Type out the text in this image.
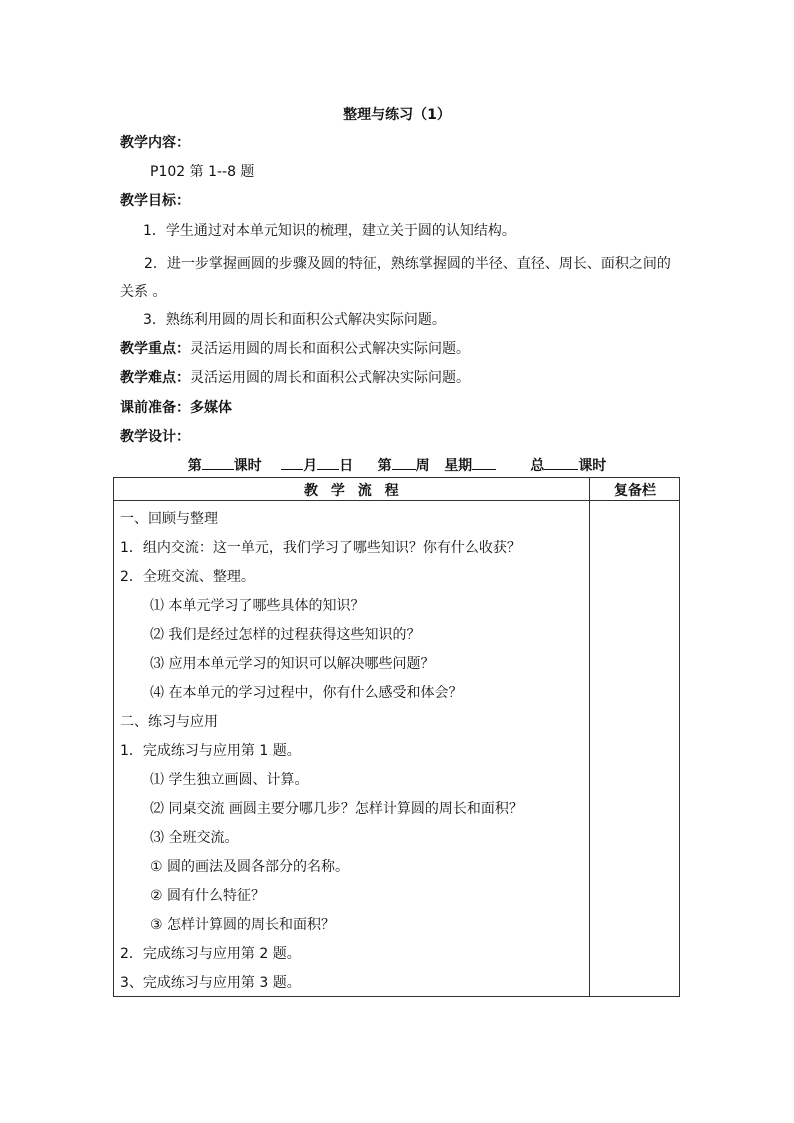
整理与练习（1）
教学内容：
P102 第 1--8 题
教学目标：
1．学生通过对本单元知识的梳理，建立关于圆的认知结构。
2．进一步掌握画圆的步骤及圆的特征，熟练掌握圆的半径、直径、周长、面积之间的关系 。
3．熟练利用圆的周长和面积公式解决实际问题。
教学重点：灵活运用圆的周长和面积公式解决实际问题。
教学难点：灵活运用圆的周长和面积公式解决实际问题。
课前准备：多媒体
教学设计：
第 课时	月 日 第 周 星期	总 课时
教 学 流 程	复备栏
一、回顾与整理
1．组内交流：这一单元，我们学习了哪些知识？你有什么收获？
2．全班交流、整理。
⑴ 本单元学习了哪些具体的知识？
⑵ 我们是经过怎样的过程获得这些知识的？
⑶ 应用本单元学习的知识可以解决哪些问题？
⑷ 在本单元的学习过程中，你有什么感受和体会？
二、练习与应用
1．完成练习与应用第 1 题。
⑴ 学生独立画圆、计算。
⑵ 同桌交流 画圆主要分哪几步？怎样计算圆的周长和面积？
⑶ 全班交流。
① 圆的画法及圆各部分的名称。
② 圆有什么特征？
③ 怎样计算圆的周长和面积？
2．完成练习与应用第 2 题。
3、完成练习与应用第 3 题。
